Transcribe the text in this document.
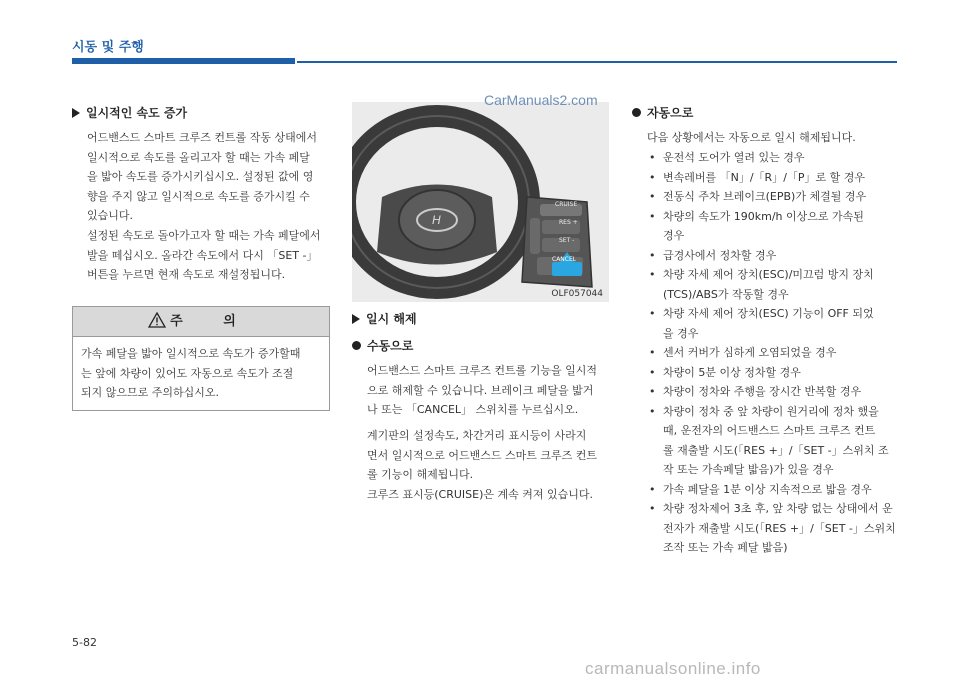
시동 및 주행
일시적인 속도 증가

어드밴스드 스마트 크루즈 컨트롤 작동 상태에서

일시적으로 속도를 올리고자 할 때는 가속 페달

을 밟아 속도를 증가시키십시오. 설정된 값에 영

향을 주지 않고 일시적으로 속도를 증가시킬 수

있습니다.

설정된 속도로 돌아가고자 할 때는 가속 페달에서

발을 떼십시오. 올라간 속도에서 다시 「SET -」

버튼을 누르면 현재 속도로 재설정됩니다.

주 의
가속 페달을 밟아 일시적으로 속도가 증가할때
는 앞에 차량이 있어도 자동으로 속도가 조절
되지 않으므로 주의하십시오.
H
CRUISE
RES +
SET -
CANCEL
OLF057044
CarManuals2.com
일시 해제
수동으로

어드밴스드 스마트 크루즈 컨트롤 기능을 일시적

으로 해제할 수 있습니다. 브레이크 페달을 밟거

나 또는 「CANCEL」 스위치를 누르십시오.

계기판의 설정속도, 차간거리 표시등이 사라지

면서 일시적으로 어드밴스드 스마트 크루즈 컨트

롤 기능이 해제됩니다.

크루즈 표시등(CRUISE)은 계속 켜져 있습니다.

자동으로

다음 상황에서는 자동으로 일시 해제됩니다.

• 운전석 도어가 열려 있는 경우
• 변속레버를 「N」/「R」/「P」로 할 경우
• 전동식 주차 브레이크(EPB)가 체결될 경우
• 차량의 속도가 190km/h 이상으로 가속된
경우
• 급경사에서 정차할 경우
• 차량 자세 제어 장치(ESC)/미끄럼 방지 장치
(TCS)/ABS가 작동할 경우
• 차량 자세 제어 장치(ESC) 기능이 OFF 되었
을 경우
• 센서 커버가 심하게 오염되었을 경우
• 차량이 5분 이상 정차할 경우
• 차량이 정차와 주행을 장시간 반복할 경우
• 차량이 정차 중 앞 차량이 원거리에 정차 했을
때, 운전자의 어드밴스드 스마트 크루즈 컨트
롤 재출발 시도(「RES +」/「SET -」스위치 조
작 또는 가속페달 밟음)가 있을 경우
• 가속 페달을 1분 이상 지속적으로 밟을 경우
• 차량 정차제어 3초 후, 앞 차량 없는 상태에서 운
전자가 재출발 시도(「RES +」/「SET -」스위치
조작 또는 가속 페달 밟음)
5-82
carmanualsonline.info
